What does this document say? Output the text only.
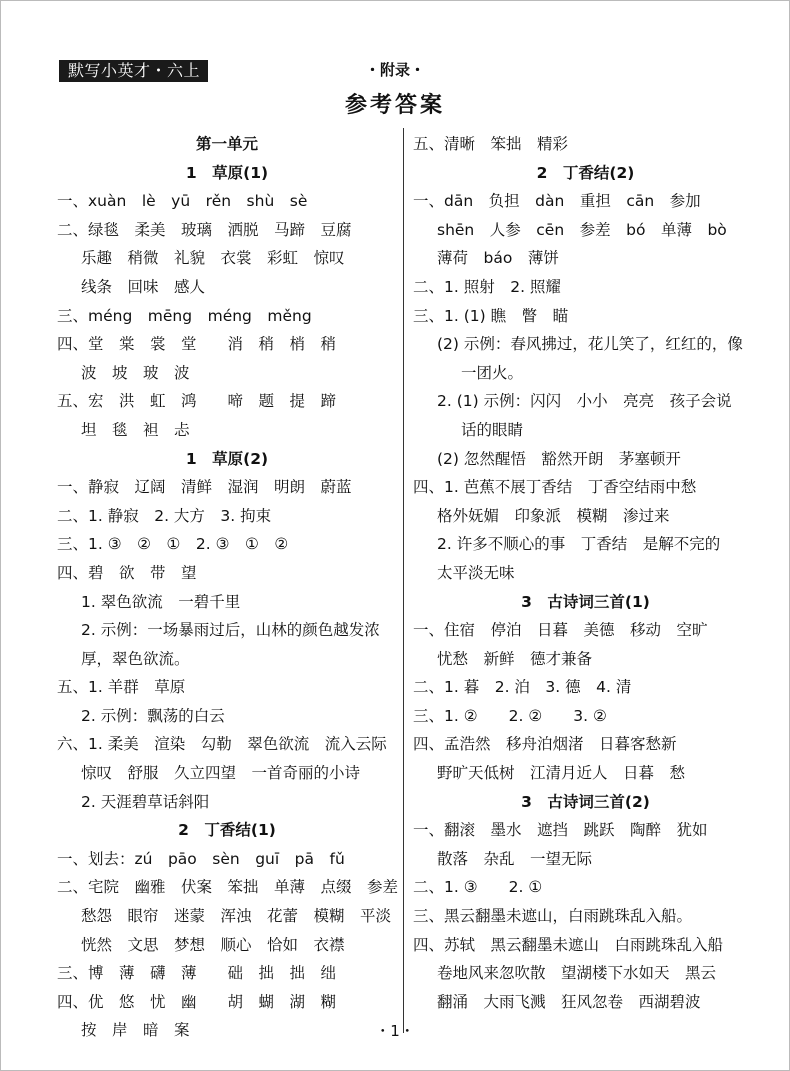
默写小英才・六上	・附录・
参考答案
第一单元
1　草原(1)
一、xuàn　lè　yū　rěn　shù　sè
二、绿毯　柔美　玻璃　洒脱　马蹄　豆腐
乐趣　稍微　礼貌　衣裳　彩虹　惊叹
线条　回味　感人
三、méng　mēng　méng　měng
四、堂　棠　裳　堂　　消　稍　梢　稍
波　坡　玻　波
五、宏　洪　虹　鸿　　啼　题　提　蹄
坦　毯　袒　忐
1　草原(2)
一、静寂　辽阔　清鲜　湿润　明朗　蔚蓝
二、1. 静寂　2. 大方　3. 拘束
三、1. ③　②　①　2. ③　①　②
四、碧　欲　带　望
1. 翠色欲流　一碧千里
2. 示例：一场暴雨过后，山林的颜色越发浓
厚，翠色欲流。
五、1. 羊群　草原
2. 示例：飘荡的白云
六、1. 柔美　渲染　勾勒　翠色欲流　流入云际
惊叹　舒服　久立四望　一首奇丽的小诗
2. 天涯碧草话斜阳
2　丁香结(1)
一、划去：zú　pāo　sèn　guī　pā　fǔ
二、宅院　幽雅　伏案　笨拙　单薄　点缀　参差
愁怨　眼帘　迷蒙　浑浊　花蕾　模糊　平淡
恍然　文思　梦想　顺心　恰如　衣襟
三、博　薄　礴　薄　　础　拙　拙　绌
四、优　悠　忧　幽　　胡　蝴　湖　糊
按　岸　暗　案
五、清晰　笨拙　精彩
2　丁香结(2)
一、dān　负担　dàn　重担　cān　参加
shēn　人参　cēn　参差　bó　单薄　bò
薄荷　báo　薄饼
二、1. 照射　2. 照耀
三、1. (1) 瞧　瞥　瞄
(2) 示例：春风拂过，花儿笑了，红红的，像
一团火。
2. (1) 示例：闪闪　小小　亮亮　孩子会说
话的眼睛
(2) 忽然醒悟　豁然开朗　茅塞顿开
四、1. 芭蕉不展丁香结　丁香空结雨中愁
格外妩媚　印象派　模糊　渗过来
2. 许多不顺心的事　丁香结　是解不完的
太平淡无味
3　古诗词三首(1)
一、住宿　停泊　日暮　美德　移动　空旷
忧愁　新鲜　德才兼备
二、1. 暮　2. 泊　3. 德　4. 清
三、1. ②　　2. ②　　3. ②
四、孟浩然　移舟泊烟渚　日暮客愁新
野旷天低树　江清月近人　日暮　愁
3　古诗词三首(2)
一、翻滚　墨水　遮挡　跳跃　陶醉　犹如
散落　杂乱　一望无际
二、1. ③　　2. ①
三、黑云翻墨未遮山，白雨跳珠乱入船。
四、苏轼　黑云翻墨未遮山　白雨跳珠乱入船
卷地风来忽吹散　望湖楼下水如天　黑云
翻涌　大雨飞溅　狂风忽卷　西湖碧波
・1・
